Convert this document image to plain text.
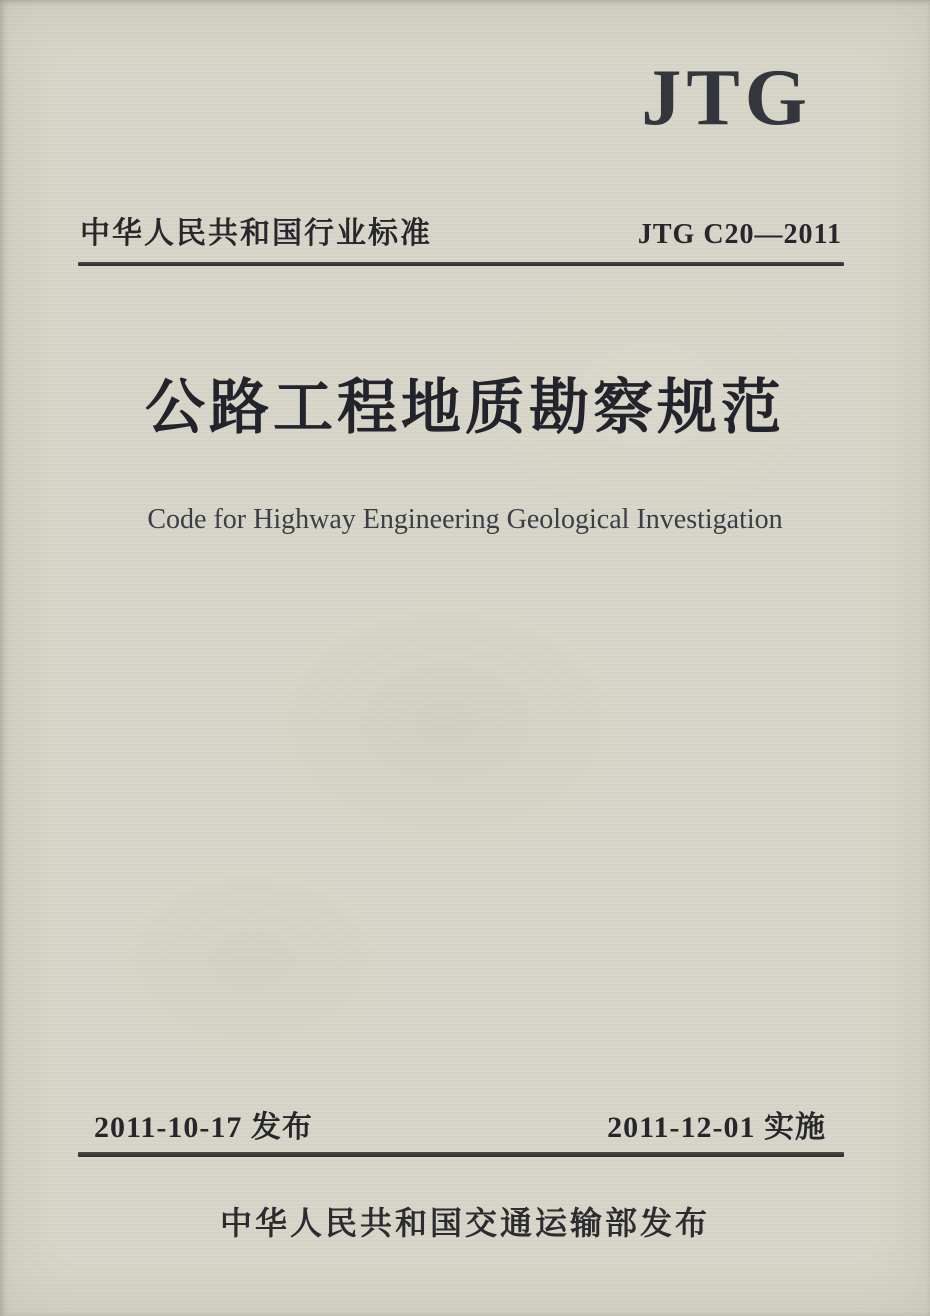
JTG
中华人民共和国行业标准	JTG C20—2011
公路工程地质勘察规范
Code for Highway Engineering Geological Investigation
2011-10-17 发布	2011-12-01 实施
中华人民共和国交通运输部发布
